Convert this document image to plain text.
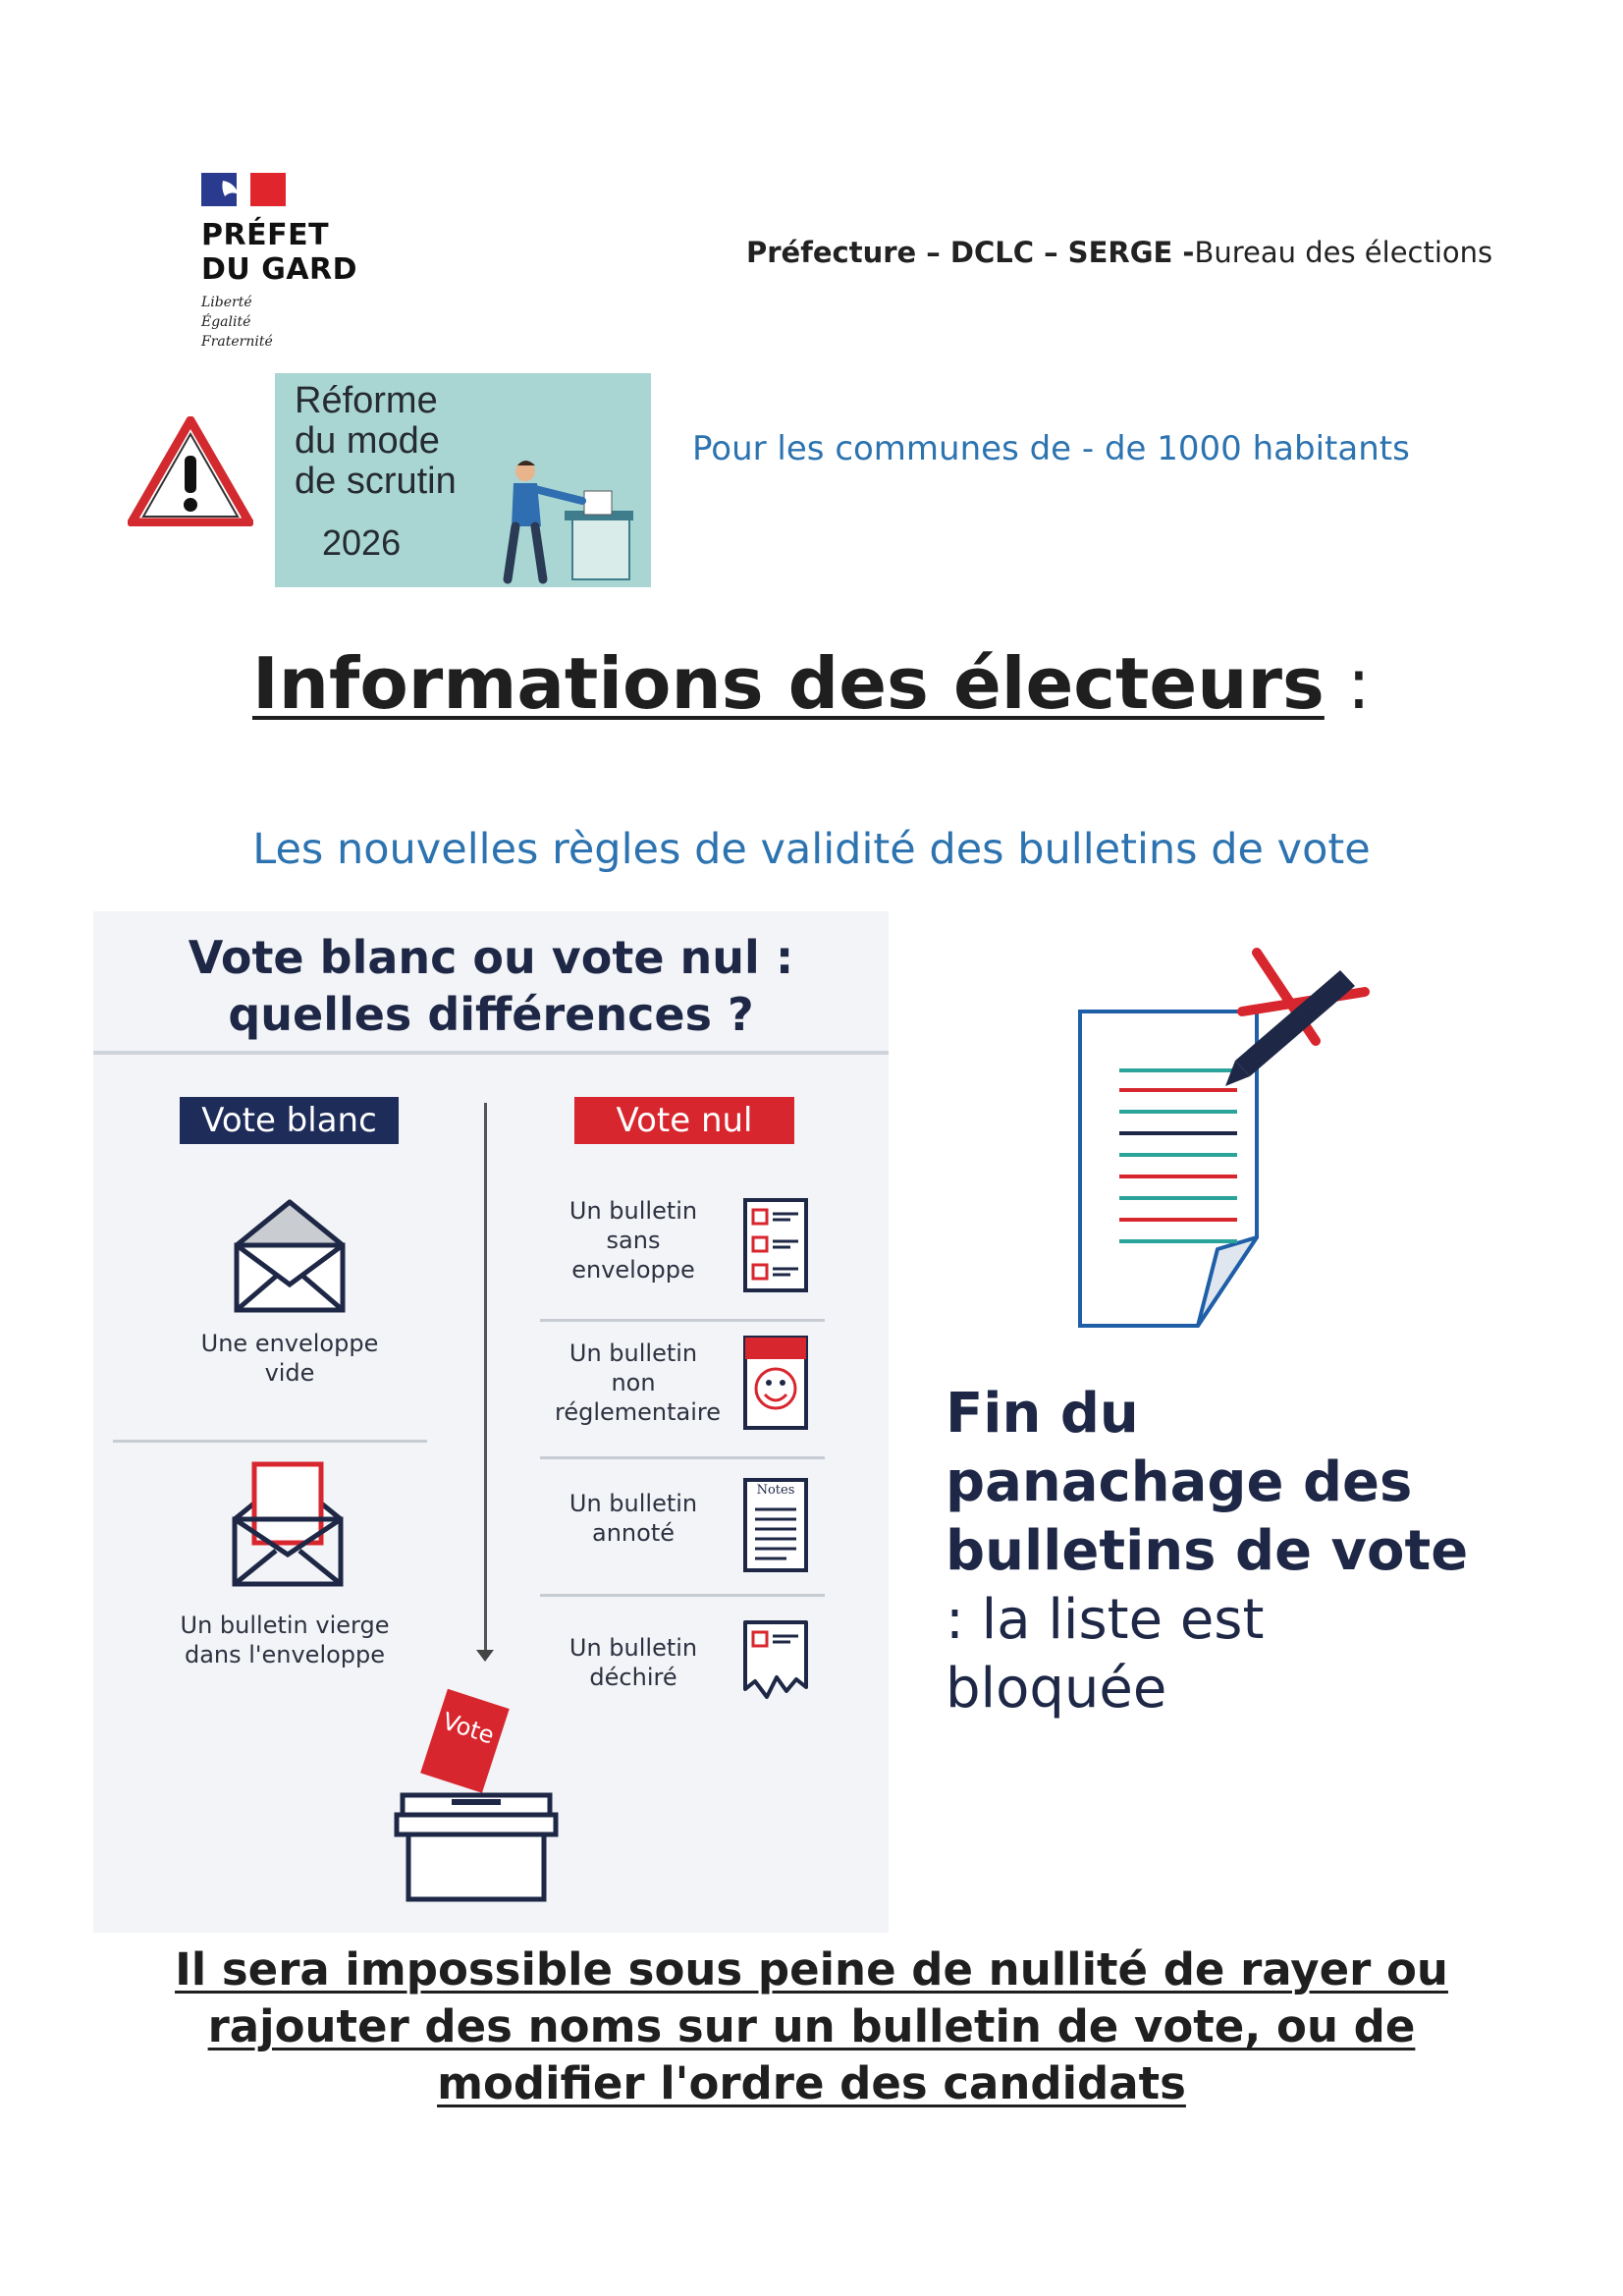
PRÉFET
DU GARD
Liberté
Égalité
Fraternité
Préfecture – DCLC – SERGE -Bureau des élections
Réforme
du mode
de scrutin
2026
Pour les communes de - de 1000 habitants
Informations des électeurs :
Les nouvelles règles de validité des bulletins de vote
Vote blanc ou vote nul :
quelles différences ?
Vote blanc	Vote nul
Une enveloppe vide
Un bulletin vierge dans l'enveloppe
Un bulletin sans enveloppe
Un bulletin non réglementaire
Un bulletin annoté
Notes
Un bulletin déchiré
Vote
Fin du panachage des bulletins de vote : la liste est bloquée
Il sera impossible sous peine de nullité de rayer ou
rajouter des noms sur un bulletin de vote, ou de
modifier l'ordre des candidats
